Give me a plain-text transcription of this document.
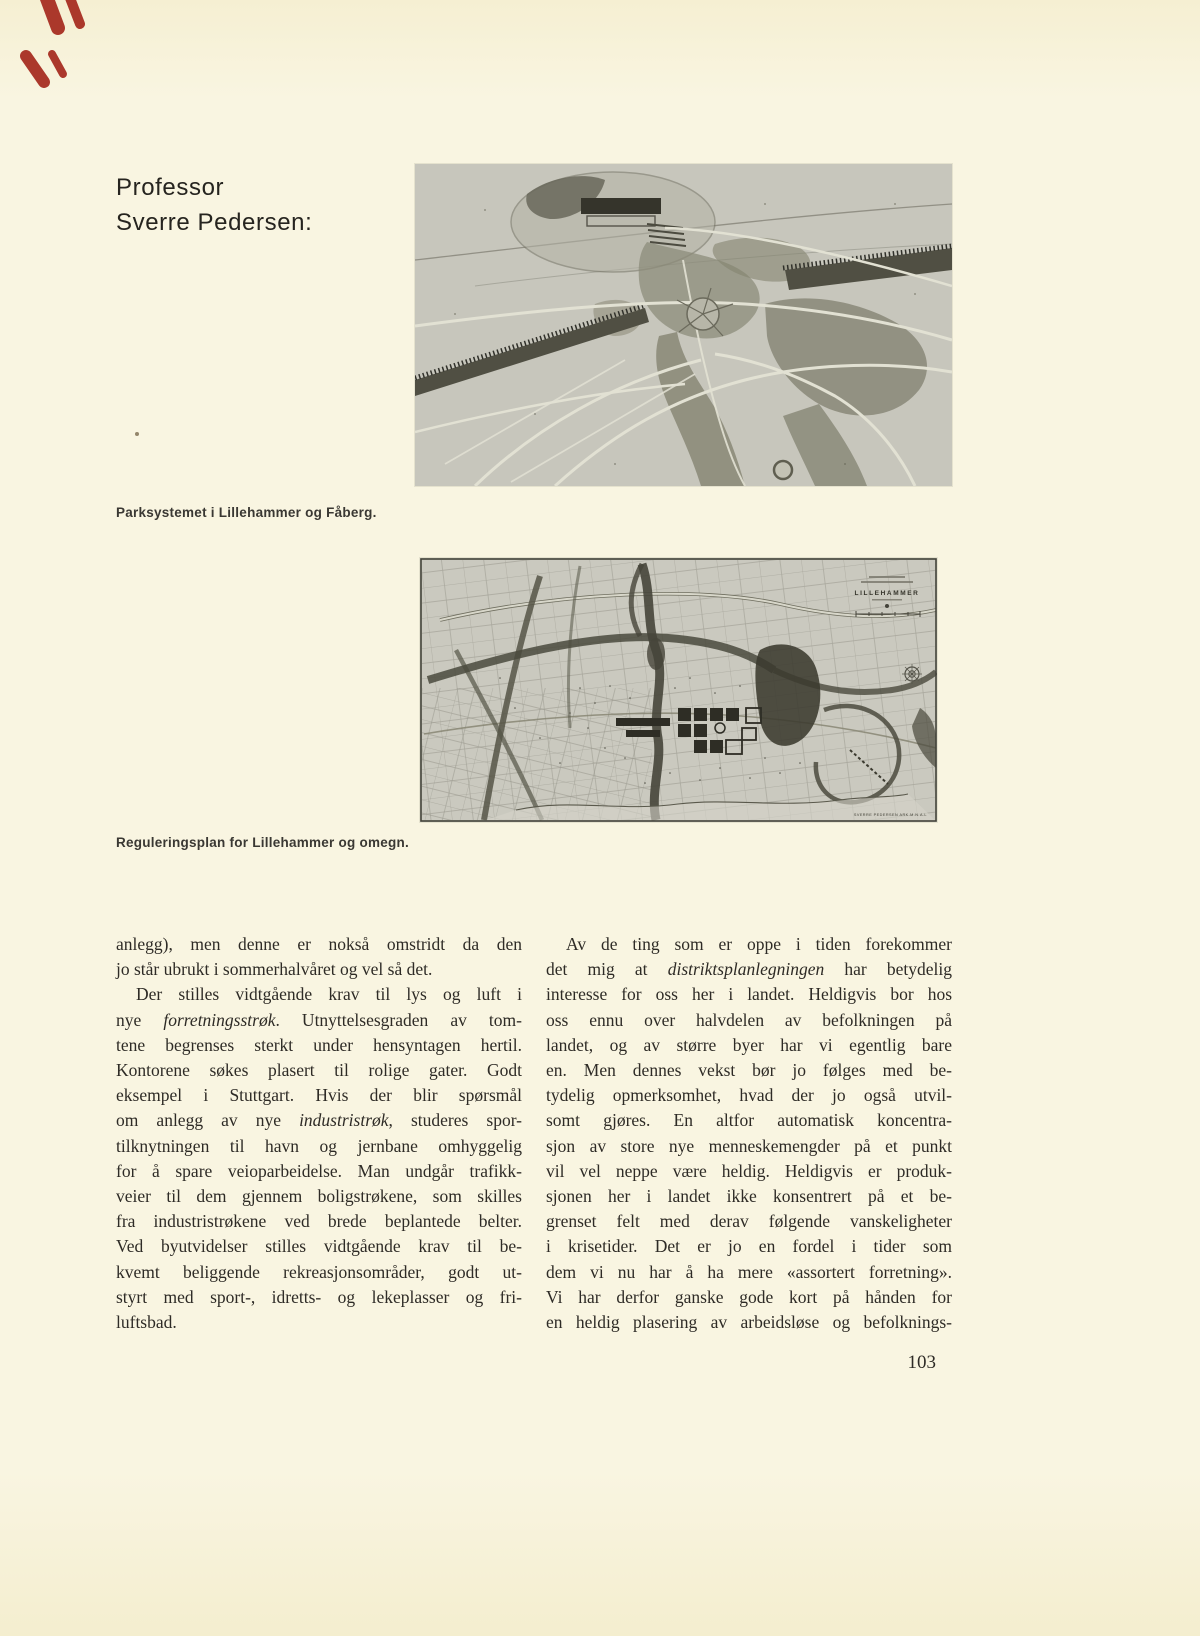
Professor
Sverre Pedersen:
Parksystemet i Lillehammer og Fåberg.
LILLEHAMMER
SVERRE PEDERSEN ARK.M.N.A.L
Reguleringsplan for Lillehammer og omegn.
anlegg), men denne er nokså omstridt da den
jo står ubrukt i sommerhalvåret og vel så det.
Der stilles vidtgående krav til lys og luft i
nye forretningsstrøk. Utnyttelsesgraden av tom-
tene begrenses sterkt under hensyntagen hertil.
Kontorene søkes plasert til rolige gater. Godt
eksempel i Stuttgart. Hvis der blir spørsmål
om anlegg av nye industristrøk, studeres spor-
tilknytningen til havn og jernbane omhyggelig
for å spare veioparbeidelse. Man undgår trafikk-
veier til dem gjennem boligstrøkene, som skilles
fra industristrøkene ved brede beplantede belter.
Ved byutvidelser stilles vidtgående krav til be-
kvemt beliggende rekreasjonsområder, godt ut-
styrt med sport-, idretts- og lekeplasser og fri-
luftsbad.
Av de ting som er oppe i tiden forekommer
det mig at distriktsplanlegningen har betydelig
interesse for oss her i landet. Heldigvis bor hos
oss ennu over halvdelen av befolkningen på
landet, og av større byer har vi egentlig bare
en. Men dennes vekst bør jo følges med be-
tydelig opmerksomhet, hvad der jo også utvil-
somt gjøres. En altfor automatisk koncentra-
sjon av store nye menneskemengder på et punkt
vil vel neppe være heldig. Heldigvis er produk-
sjonen her i landet ikke konsentrert på et be-
grenset felt med derav følgende vanskeligheter
i krisetider. Det er jo en fordel i tider som
dem vi nu har å ha mere «assortert forretning».
Vi har derfor ganske gode kort på hånden for
en heldig plasering av arbeidsløse og befolknings-
103
